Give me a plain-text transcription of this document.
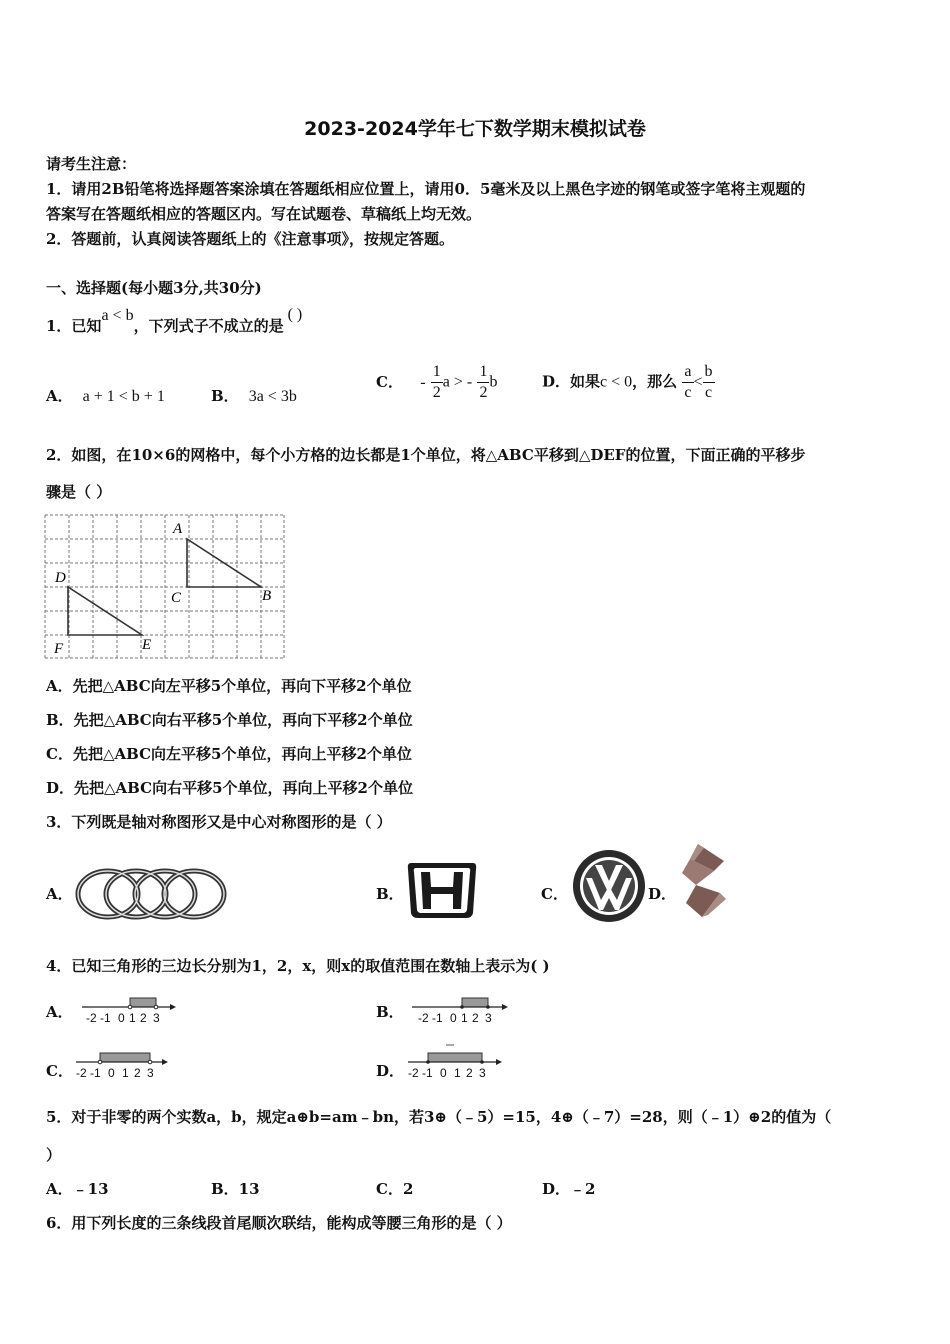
2023-2024学年七下数学期末模拟试卷
请考生注意：
1．请用2B铅笔将选择题答案涂填在答题纸相应位置上，请用0．5毫米及以上黑色字迹的钢笔或签字笔将主观题的
答案写在答题纸相应的答题区内。写在试题卷、草稿纸上均无效。
2．答题前，认真阅读答题纸上的《注意事项》，按规定答题。
一、选择题(每小题3分,共30分)
1．已知a < b，下列式子不成立的是( )
A． a + 1 < b + 1	B． 3a < 3b
C． - $\frac{1}{2}$ a > - $\frac{1}{2}$ b	D．如果c < 0，那么 $\frac{a}{c} < \frac{b}{c}$
2．如图，在10×6的网格中，每个小方格的边长都是1个单位，将△ABC平移到△DEF的位置，下面正确的平移步
骤是（ ）
A
C	B
D
F	E
A．先把△ABC向左平移5个单位，再向下平移2个单位
B．先把△ABC向右平移5个单位，再向下平移2个单位
C．先把△ABC向左平移5个单位，再向上平移2个单位
D．先把△ABC向右平移5个单位，再向上平移2个单位
3．下列既是轴对称图形又是中心对称图形的是（ ）
A．	B．	C．	D．
4．已知三角形的三边长分别为1，2，x，则x的取值范围在数轴上表示为( )
A． -2 -1 0 1 2 3	B． -2 -1 0 1 2 3
C． -2 -1 0 1 2 3	D． -2 -1 0 1 2 3
5．对于非零的两个实数a，b，规定a⊕b=am﹣bn，若3⊕（﹣5）=15，4⊕（﹣7）=28，则（﹣1）⊕2的值为（
）
A．﹣13	B．13	C．2	D．﹣2
6．用下列长度的三条线段首尾顺次联结，能构成等腰三角形的是（ ）
